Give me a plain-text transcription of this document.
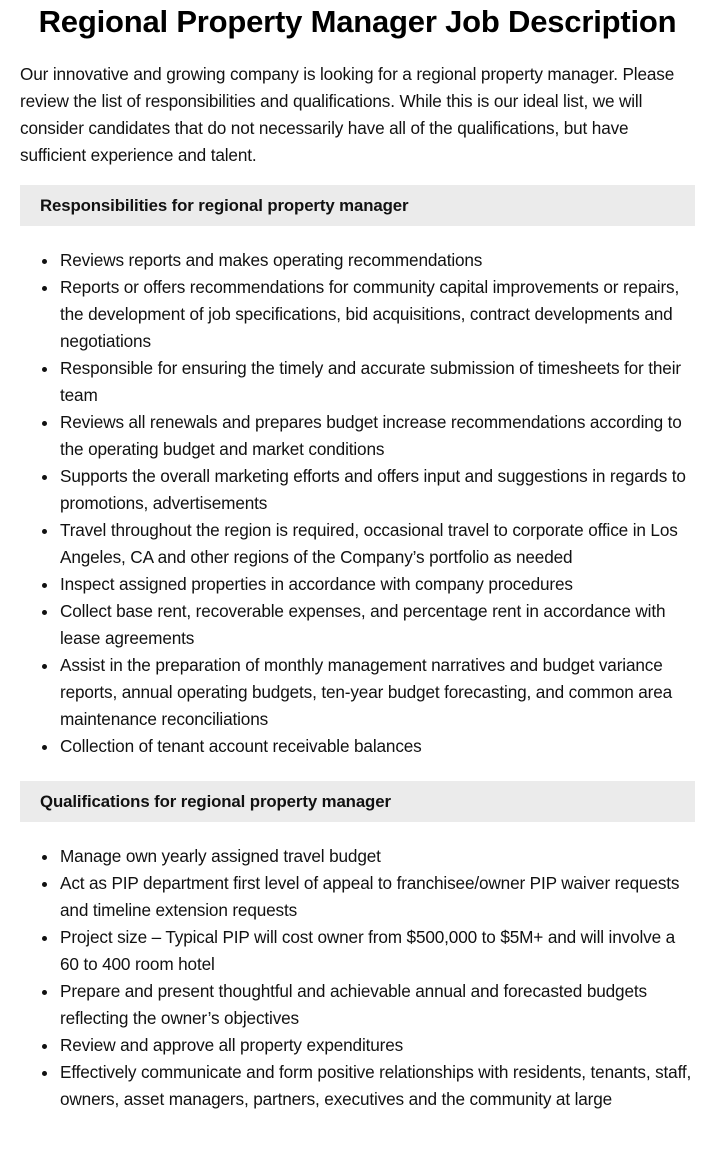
Regional Property Manager Job Description

Our innovative and growing company is looking for a regional property manager. Please review the list of responsibilities and qualifications. While this is our ideal list, we will consider candidates that do not necessarily have all of the qualifications, but have sufficient experience and talent.

Responsibilities for regional property manager
Reviews reports and makes operating recommendations
Reports or offers recommendations for community capital improvements or repairs, the development of job specifications, bid acquisitions, contract developments and negotiations
Responsible for ensuring the timely and accurate submission of timesheets for their team
Reviews all renewals and prepares budget increase recommendations according to the operating budget and market conditions
Supports the overall marketing efforts and offers input and suggestions in regards to promotions, advertisements
Travel throughout the region is required, occasional travel to corporate office in Los Angeles, CA and other regions of the Company’s portfolio as needed
Inspect assigned properties in accordance with company procedures
Collect base rent, recoverable expenses, and percentage rent in accordance with lease agreements
Assist in the preparation of monthly management narratives and budget variance reports, annual operating budgets, ten-year budget forecasting, and common area maintenance reconciliations
Collection of tenant account receivable balances
Qualifications for regional property manager
Manage own yearly assigned travel budget
Act as PIP department first level of appeal to franchisee/owner PIP waiver requests and timeline extension requests
Project size – Typical PIP will cost owner from $500,000 to $5M+ and will involve a 60 to 400 room hotel
Prepare and present thoughtful and achievable annual and forecasted budgets reflecting the owner’s objectives
Review and approve all property expenditures
Effectively communicate and form positive relationships with residents, tenants, staff, owners, asset managers, partners, executives and the community at large
